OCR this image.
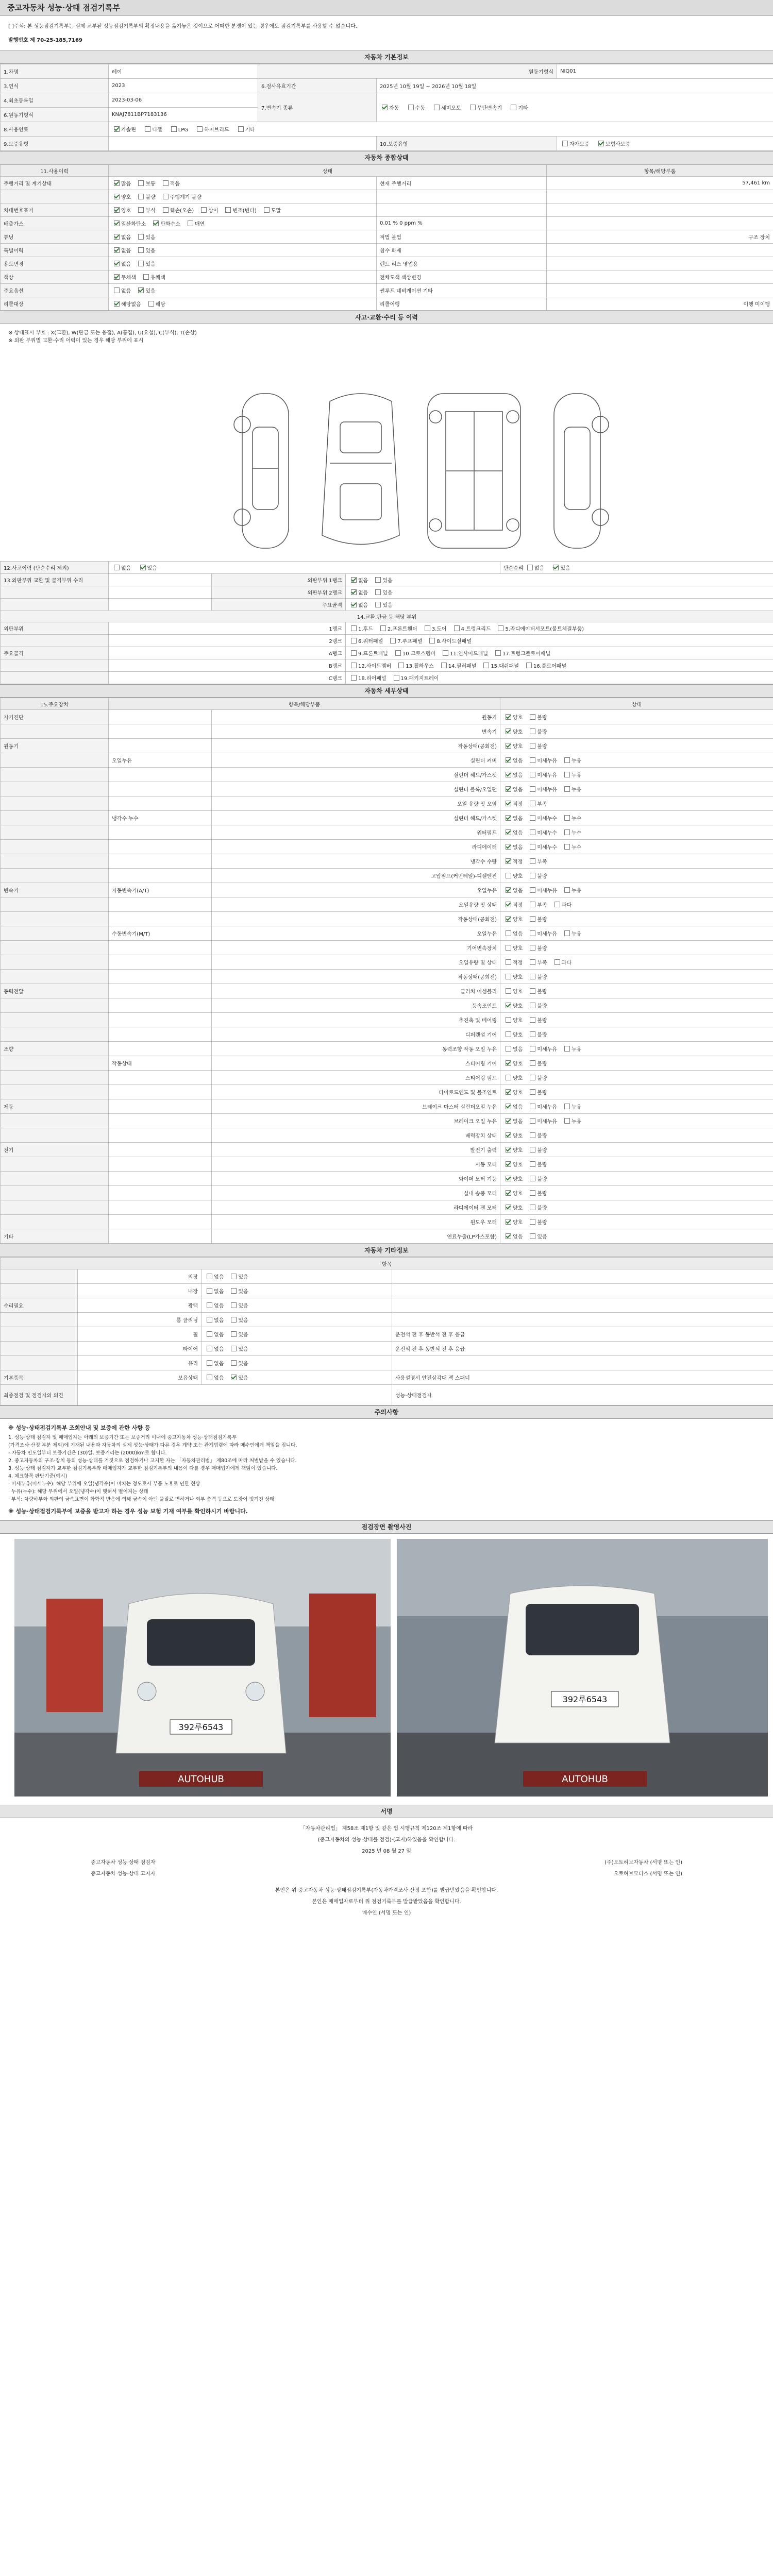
중고자동차 성능·상태 점검기록부
[ ]주석: 본 성능점검기록부는 실제 교부된 성능점검기록부의 확정내용을 옮겨놓은 것이므로 어떠한 분쟁이 있는 경우에도 점검기록부를 사용할 수 없습니다.
발행번호 제 70-25-185,7169
자동차 기본정보
1.차명	레이	원동기형식		NIQ01
3.연식	2023	6.검사유효기간	2025년 10월 19일 ~ 2026년 10월 18일	
4.최초등록일	2023-03-06	7.변속기 종류	자동 수동 세미오토 무단변속기 기타	
6.원동기형식	KNAJ7811BP7183136			
8.사용연료	가솔린 디젤 LPG 하이브리드 기타			
9.보증유형			10.보증유형	자가보증 보험사보증
자동차 종합상태
11.사용이력	상태		항목/해당부품
주행거리 및 계기상태	많음 보통 적음	현재 주행거리	57,461 km
	양호 불량 주행계기 불량		
차대번호표기	양호 부식 훼손(오손) 상이 변조(변타) 도말		
배출가스	일산화탄소 탄화수소 매연	0.01 % 0 ppm %	
튜닝	없음 있음	적법 불법	구조 장치
특별이력	없음 있음	침수 화재	
용도변경	없음 있음	렌트 리스 영업용	
색상	무채색 유채색	전체도색 색상변경	
주요옵션	없음 있음	썬루프 네비게이션 기타	
리콜대상	해당없음 해당	리콜이행	이행 미이행
사고·교환·수리 등 이력
※ 상태표시 부호 : X(교환), W(판금 또는 용접), A(흠집), U(요철), C(부식), T(손상)
※ 외판 부위별 교환·수리 이력이 있는 경우 해당 부위에 표시
12.사고이력 (단순수리 제외)	없음 있음			단순수리 없음 있음
13.외판부위 교환 및 골격부위 수리		외판부위 1랭크	없음 있음	
		외판부위 2랭크	없음 있음	
		주요골격	없음 있음	
14.교환,판금 등 해당 부위				
외판부위	1랭크		1.후드 2.프론트휀더 3.도어 4.트렁크리드 5.라디에이터서포트(볼트체결부품)	
	2랭크		6.쿼터패널 7.루프패널 8.사이드실패널	
주요골격	A랭크		9.프론트패널 10.크로스멤버 11.인사이드패널 17.트렁크플로어패널	
	B랭크		12.사이드멤버 13.휠하우스 14.필러패널 15.대쉬패널 16.플로어패널	
	C랭크		18.리어패널 19.패키지트레이	
자동차 세부상태
15.주요장치	항목/해당부품		상태
자기진단		원동기	양호 불량
		변속기	양호 불량
원동기		작동상태(공회전)	양호 불량
	오일누유	실린더 커버	없음 미세누유 누유
		실린더 헤드/가스켓	없음 미세누유 누유
		실린더 블록/오일팬	없음 미세누유 누유
		오일 유량 및 오염	적정 부족
	냉각수 누수	실린더 헤드/가스켓	없음 미세누수 누수
		워터펌프	없음 미세누수 누수
		라디에이터	없음 미세누수 누수
		냉각수 수량	적정 부족
		고압펌프(커먼레일)-디젤엔진	양호 불량
변속기	자동변속기(A/T)	오일누유	없음 미세누유 누유
		오일유량 및 상태	적정 부족 과다
		작동상태(공회전)	양호 불량
	수동변속기(M/T)	오일누유	없음 미세누유 누유
		기어변속장치	양호 불량
		오일유량 및 상태	적정 부족 과다
		작동상태(공회전)	양호 불량
동력전달		클러치 어셈블리	양호 불량
		등속조인트	양호 불량
		추진축 및 베어링	양호 불량
		디퍼렌셜 기어	양호 불량
조향		동력조향 작동 오일 누유	없음 미세누유 누유
	작동상태	스티어링 기어	양호 불량
		스티어링 펌프	양호 불량
		타이로드엔드 및 볼조인트	양호 불량
제동		브레이크 마스터 실린더오일 누유	없음 미세누유 누유
		브레이크 오일 누유	없음 미세누유 누유
		배력장치 상태	양호 불량
전기		발전기 출력	양호 불량
		시동 모터	양호 불량
		와이퍼 모터 기능	양호 불량
		실내 송풍 모터	양호 불량
		라디에이터 팬 모터	양호 불량
		윈도우 모터	양호 불량
기타		연료누출(LP가스포함)	없음 있음
자동차 기타정보
항목			
	외장	없음 있음	
	내장	없음 있음	
수리필요	광택	없음 있음	
	룸 클리닝	없음 있음	
	휠	없음 있음	운전석 전 후 동반석 전 후 응급
	타이어	없음 있음	운전석 전 후 동반석 전 후 응급
	유리	없음 있음	
기본품목	보유상태	없음 있음	사용설명서 안전삼각대 잭 스패너
최종점검 및 점검자의 의견			성능·상태점검자
주의사항
※ 성능·상태점검기록부 조회안내 및 보증에 관한 사항 등
1. 성능·상태 점검자 및 매매업자는 아래의 보증기간 또는 보증거리 이내에 중고자동차 성능·상태점검기록부
(가격조사·산정 부분 제외)에 기재된 내용과 자동차의 실제 성능·상태가 다른 경우 계약 또는 관계법령에 따라 매수인에게 책임을 집니다.
- 자동차 인도일부터 보증기간은 (30)일, 보증거리는 (2000)km로 합니다.
2. 중고자동차의 구조·장치 등의 성능·상태를 거짓으로 점검하거나 고지한 자는 「자동차관리법」 제80조에 따라 처벌받을 수 있습니다.
3. 성능·상태 점검자가 교부한 점검기록부와 매매업자가 교부한 점검기록부의 내용이 다를 경우 매매업자에게 책임이 있습니다.
4. 체크항목 판단기준(예시)
· 미세누유(미세누수): 해당 부위에 오일(냉각수)이 비치는 정도로서 부품 노후로 인한 현상
· 누유(누수): 해당 부위에서 오일(냉각수)이 맺혀서 떨어지는 상태
· 부식: 차량하부와 외판의 금속표면이 화학적 반응에 의해 금속이 아닌 물질로 변하거나 외부 충격 등으로 도장이 벗겨진 상태
※ 성능·상태점검기록부에 보증을 받고자 하는 경우 성능 보험 기재 여부를 확인하시기 바랍니다.
점검장면 촬영사진
392루6543
AUTOHUB
392루6543
AUTOHUB
서명
「자동차관리법」 제58조 제1항 및 같은 법 시행규칙 제120조 제1항에 따라
(중고자동차의 성능·상태를 점검)·(고지)하였음을 확인합니다.
2025 년 08 월 27 일
중고자동차 성능·상태 점검자	(주)오토허브자동차 (서명 또는 인)
중고자동차 성능·상태 고지자	오토허브모터스 (서명 또는 인)
본인은 위 중고자동차 성능·상태점검기록부(자동차가격조사·산정 포함)를 발급받았음을 확인합니다.
본인은 매매업자로부터 위 점검기록부를 발급받았음을 확인합니다.
매수인 (서명 또는 인)
